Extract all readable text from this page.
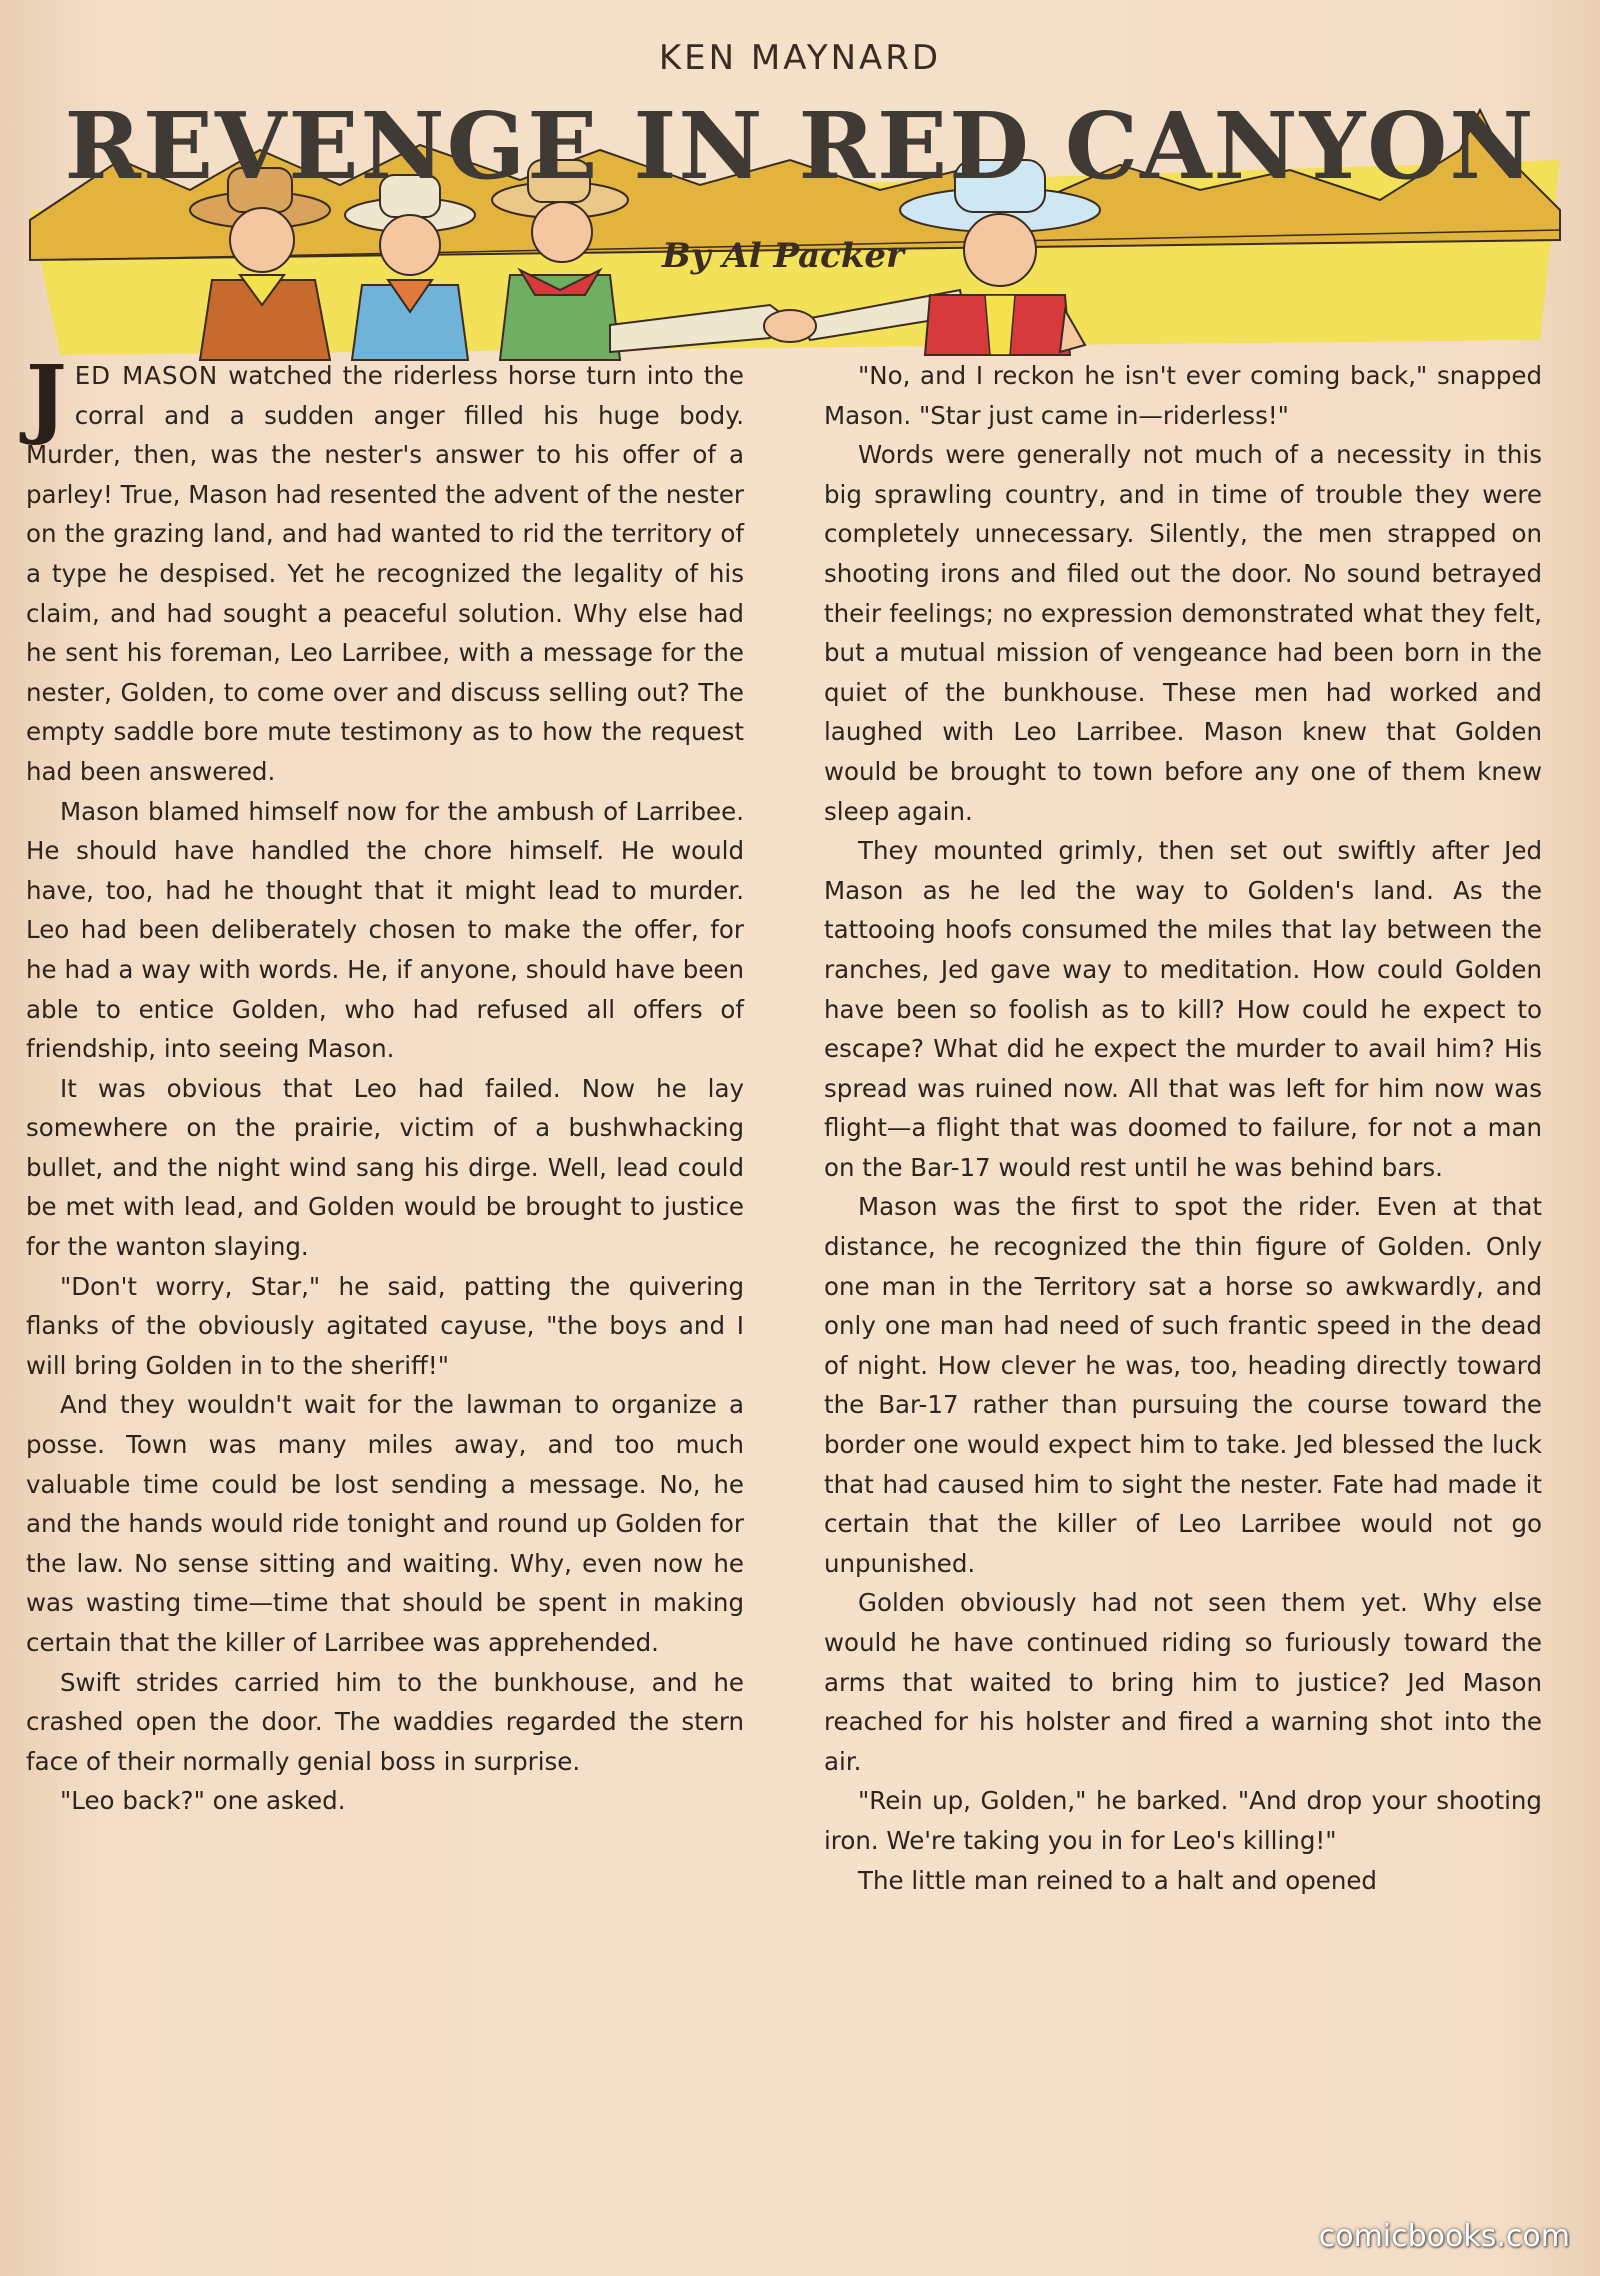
KEN MAYNARD
REVENGE IN RED CANYON
By Al Packer

JED MASON watched the riderless horse turn into the corral and a sudden anger filled his huge body. Murder, then, was the nester's answer to his offer of a parley! True, Mason had resented the advent of the nester on the grazing land, and had wanted to rid the territory of a type he despised. Yet he recognized the legality of his claim, and had sought a peaceful solution. Why else had he sent his foreman, Leo Larribee, with a message for the nester, Golden, to come over and discuss selling out? The empty saddle bore mute testimony as to how the request had been answered.

Mason blamed himself now for the ambush of Larribee. He should have handled the chore himself. He would have, too, had he thought that it might lead to murder. Leo had been deliberately chosen to make the offer, for he had a way with words. He, if anyone, should have been able to entice Golden, who had refused all offers of friendship, into seeing Mason.

It was obvious that Leo had failed. Now he lay somewhere on the prairie, victim of a bushwhacking bullet, and the night wind sang his dirge. Well, lead could be met with lead, and Golden would be brought to justice for the wanton slaying.

"Don't worry, Star," he said, patting the quivering flanks of the obviously agitated cayuse, "the boys and I will bring Golden in to the sheriff!"

And they wouldn't wait for the lawman to organize a posse. Town was many miles away, and too much valuable time could be lost sending a message. No, he and the hands would ride tonight and round up Golden for the law. No sense sitting and waiting. Why, even now he was wasting time—time that should be spent in making certain that the killer of Larribee was apprehended.

Swift strides carried him to the bunkhouse, and he crashed open the door. The waddies regarded the stern face of their normally genial boss in surprise.

"Leo back?" one asked.

"No, and I reckon he isn't ever coming back," snapped Mason. "Star just came in—riderless!"

Words were generally not much of a necessity in this big sprawling country, and in time of trouble they were completely unnecessary. Silently, the men strapped on shooting irons and filed out the door. No sound betrayed their feelings; no expression demonstrated what they felt, but a mutual mission of vengeance had been born in the quiet of the bunkhouse. These men had worked and laughed with Leo Larribee. Mason knew that Golden would be brought to town before any one of them knew sleep again.

They mounted grimly, then set out swiftly after Jed Mason as he led the way to Golden's land. As the tattooing hoofs consumed the miles that lay between the ranches, Jed gave way to meditation. How could Golden have been so foolish as to kill? How could he expect to escape? What did he expect the murder to avail him? His spread was ruined now. All that was left for him now was flight—a flight that was doomed to failure, for not a man on the Bar-17 would rest until he was behind bars.

Mason was the first to spot the rider. Even at that distance, he recognized the thin figure of Golden. Only one man in the Territory sat a horse so awkwardly, and only one man had need of such frantic speed in the dead of night. How clever he was, too, heading directly toward the Bar-17 rather than pursuing the course toward the border one would expect him to take. Jed blessed the luck that had caused him to sight the nester. Fate had made it certain that the killer of Leo Larribee would not go unpunished.

Golden obviously had not seen them yet. Why else would he have continued riding so furiously toward the arms that waited to bring him to justice? Jed Mason reached for his holster and fired a warning shot into the air.

"Rein up, Golden," he barked. "And drop your shooting iron. We're taking you in for Leo's killing!"

The little man reined to a halt and opened

comicbooks.com
